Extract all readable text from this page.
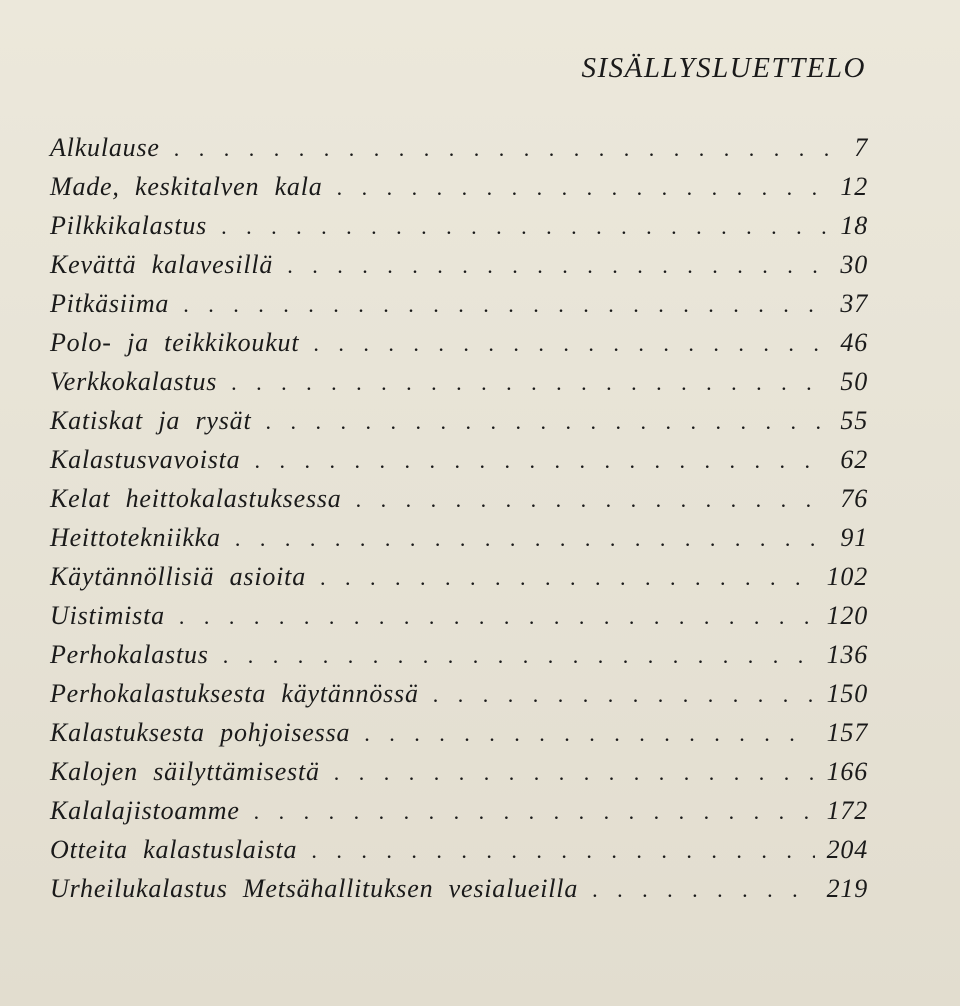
SISÄLLYSLUETTELO
Alkulause . . .	7
Made, keskitalven kala . . .	12
Pilkkikalastus . . .	18
Kevättä kalavesillä . . .	30
Pitkäsiima . . .	37
Polo- ja teikkikoukut . . .	46
Verkkokalastus . . .	50
Katiskat ja rysät . . .	55
Kalastusvavoista . . .	62
Kelat heittokalastuksessa . . .	76
Heittotekniikka . . .	91
Käytännöllisiä asioita . . .	102
Uistimista . . .	120
Perhokalastus . . .	136
Perhokalastuksesta käytännössä . . .	150
Kalastuksesta pohjoisessa . . .	157
Kalojen säilyttämisestä . . .	166
Kalalajistoamme . . .	172
Otteita kalastuslaista . . .	204
Urheilukalastus Metsähallituksen vesialueilla . . .	219
